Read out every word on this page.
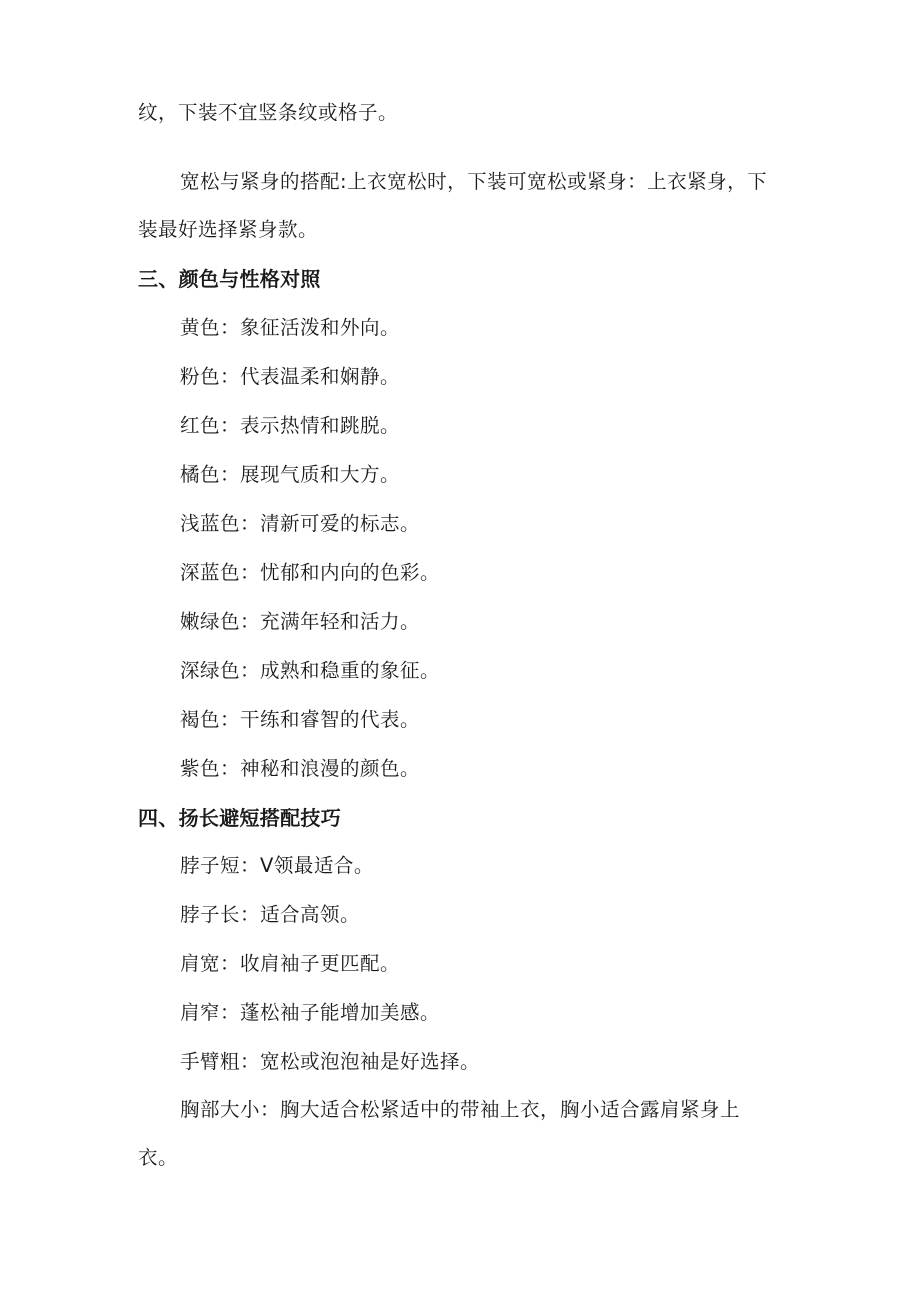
纹，下装不宜竖条纹或格子。
宽松与紧身的搭配:上衣宽松时，下装可宽松或紧身：上衣紧身，下
装最好选择紧身款。
三、颜色与性格对照
黄色：象征活泼和外向。
粉色：代表温柔和娴静。
红色：表示热情和跳脱。
橘色：展现气质和大方。
浅蓝色：清新可爱的标志。
深蓝色：忧郁和内向的色彩。
嫩绿色：充满年轻和活力。
深绿色：成熟和稳重的象征。
褐色：干练和睿智的代表。
紫色：神秘和浪漫的颜色。
四、扬长避短搭配技巧
脖子短：V领最适合。
脖子长：适合高领。
肩宽：收肩袖子更匹配。
肩窄：蓬松袖子能增加美感。
手臂粗：宽松或泡泡袖是好选择。
胸部大小：胸大适合松紧适中的带袖上衣，胸小适合露肩紧身上
衣。
